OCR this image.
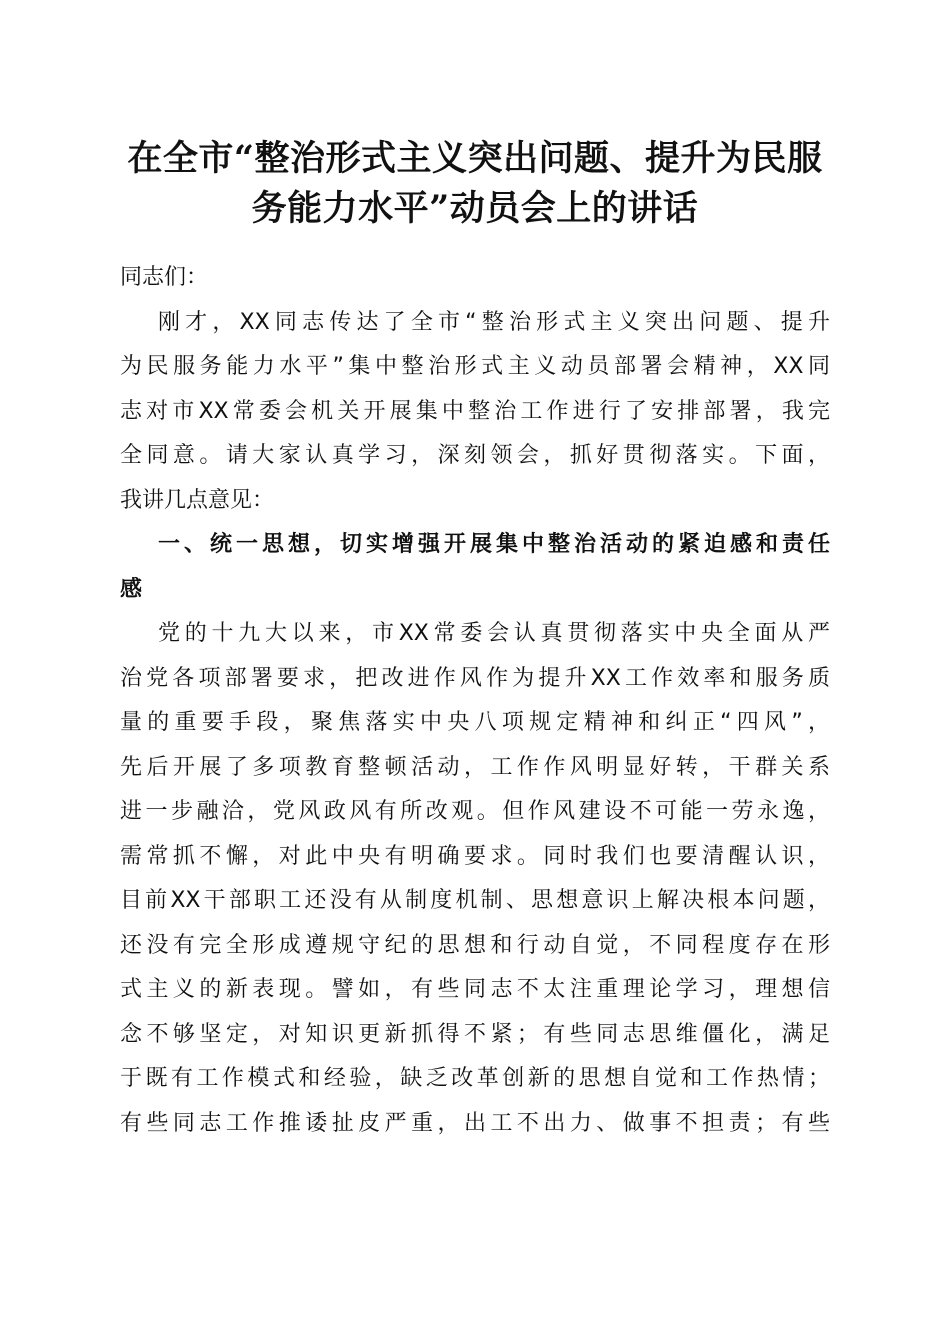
在全市“整治形式主义突出问题、提升为民服
务能力水平”动员会上的讲话
同志们：
刚才，XX同志传达了全市“整治形式主义突出问题、提升
为民服务能力水平”集中整治形式主义动员部署会精神，XX同
志对市XX常委会机关开展集中整治工作进行了安排部署，我完
全同意。请大家认真学习，深刻领会，抓好贯彻落实。下面，
我讲几点意见：
一、统一思想，切实增强开展集中整治活动的紧迫感和责任
感
党的十九大以来，市XX常委会认真贯彻落实中央全面从严
治党各项部署要求，把改进作风作为提升XX工作效率和服务质
量的重要手段，聚焦落实中央八项规定精神和纠正“四风”，
先后开展了多项教育整顿活动，工作作风明显好转，干群关系
进一步融洽，党风政风有所改观。但作风建设不可能一劳永逸，
需常抓不懈，对此中央有明确要求。同时我们也要清醒认识，
目前XX干部职工还没有从制度机制、思想意识上解决根本问题，
还没有完全形成遵规守纪的思想和行动自觉，不同程度存在形
式主义的新表现。譬如，有些同志不太注重理论学习，理想信
念不够坚定，对知识更新抓得不紧；有些同志思维僵化，满足
于既有工作模式和经验，缺乏改革创新的思想自觉和工作热情；
有些同志工作推诿扯皮严重，出工不出力、做事不担责；有些
